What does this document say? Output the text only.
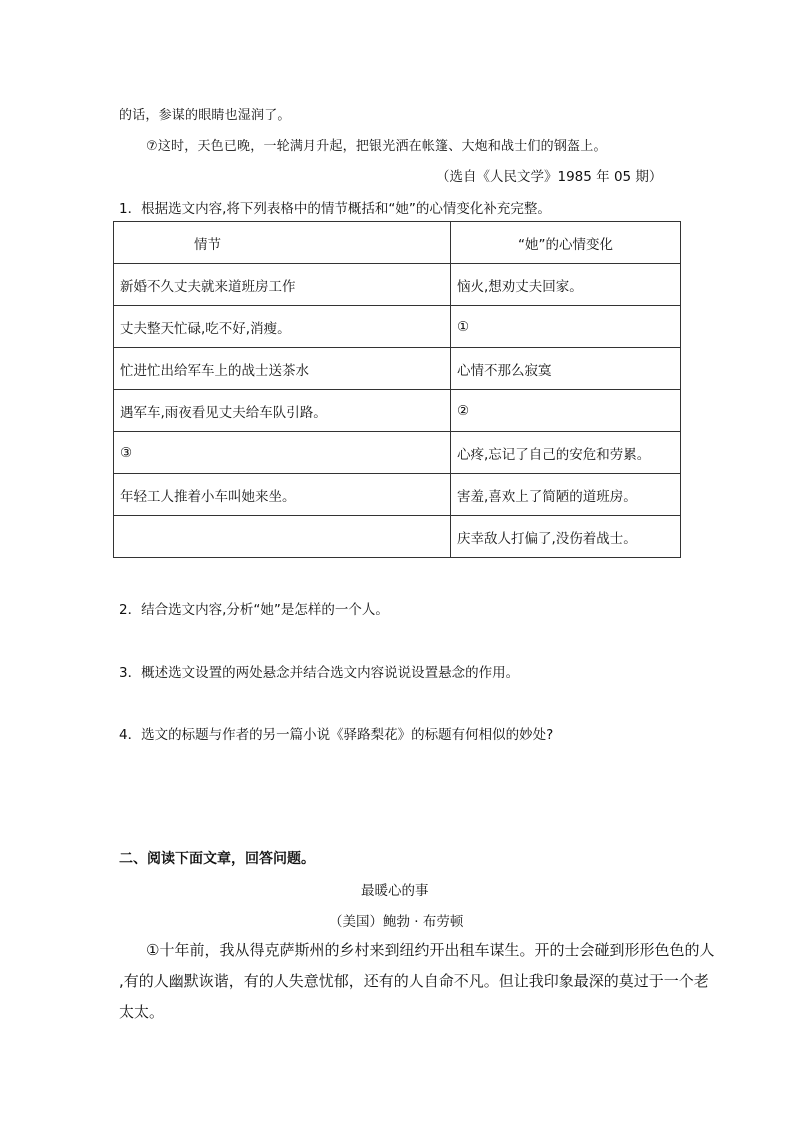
的话，参谋的眼睛也湿润了。
⑦这时，天色已晚，一轮满月升起，把银光洒在帐篷、大炮和战士们的钢盔上。
（选自《人民文学》1985 年 05 期）
1．根据选文内容,将下列表格中的情节概括和“她”的心情变化补充完整。
情节	“她”的心情变化
新婚不久丈夫就来道班房工作	恼火,想劝丈夫回家。
丈夫整天忙碌,吃不好,消瘦。	①
忙进忙出给军车上的战士送茶水	心情不那么寂寞
遇军车,雨夜看见丈夫给车队引路。	②
③	心疼,忘记了自己的安危和劳累。
年轻工人推着小车叫她来坐。	害羞,喜欢上了简陋的道班房。
	庆幸敌人打偏了,没伤着战士。
2．结合选文内容,分析“她”是怎样的一个人。
3．概述选文设置的两处悬念并结合选文内容说说设置悬念的作用。
4．选文的标题与作者的另一篇小说《驿路梨花》的标题有何相似的妙处?
二、阅读下面文章，回答问题。
最暖心的事
（美国）鲍勃 · 布劳顿
①十年前，我从得克萨斯州的乡村来到纽约开出租车谋生。开的士会碰到形形色色的人
,有的人幽默诙谐，有的人失意忧郁，还有的人自命不凡。但让我印象最深的莫过于一个老
太太。
